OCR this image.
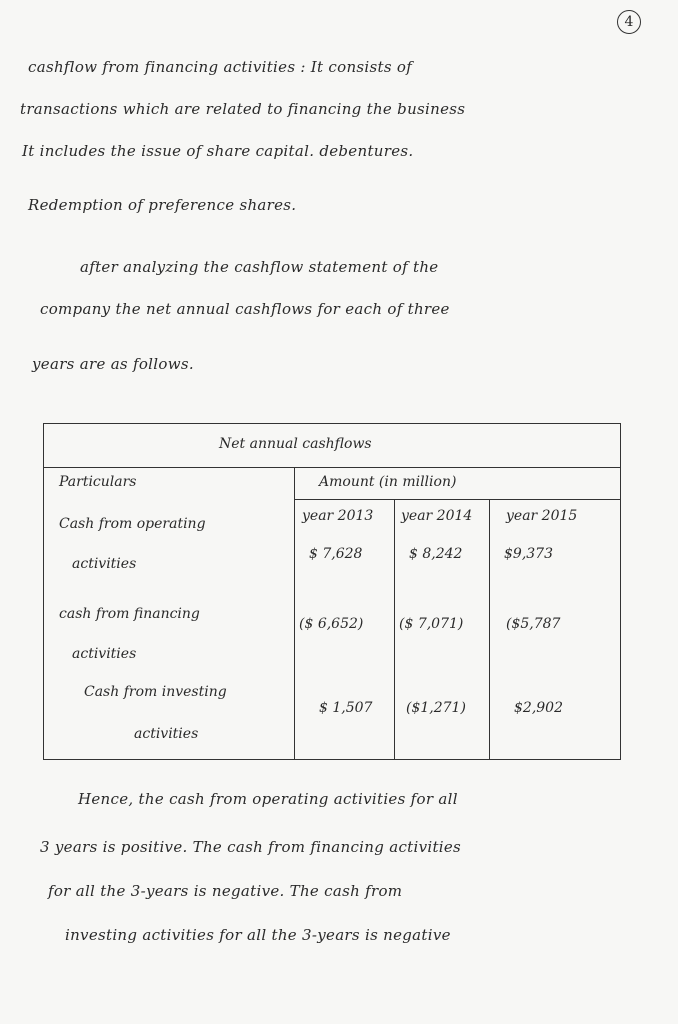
4
cashflow from financing activities : It consists of
transactions which are related to financing the business
It includes the issue of share capital. debentures.
Redemption of preference shares.
after analyzing the cashflow statement of the
company the net annual cashflows for each of three
years are as follows.
Net annual cashflows
Particulars	Amount (in million)
year 2013 year 2014 year 2015
Cash from operating
activities
$ 7,628	$ 8,242	$9,373
cash from financing
activities
($ 6,652)	($ 7,071)	($5,787
Cash from investing
activities
$ 1,507 ($1,271)	$2,902
Hence, the cash from operating activities for all
3 years is positive. The cash from financing activities
for all the 3-years is negative. The cash from
investing activities for all the 3-years is negative
